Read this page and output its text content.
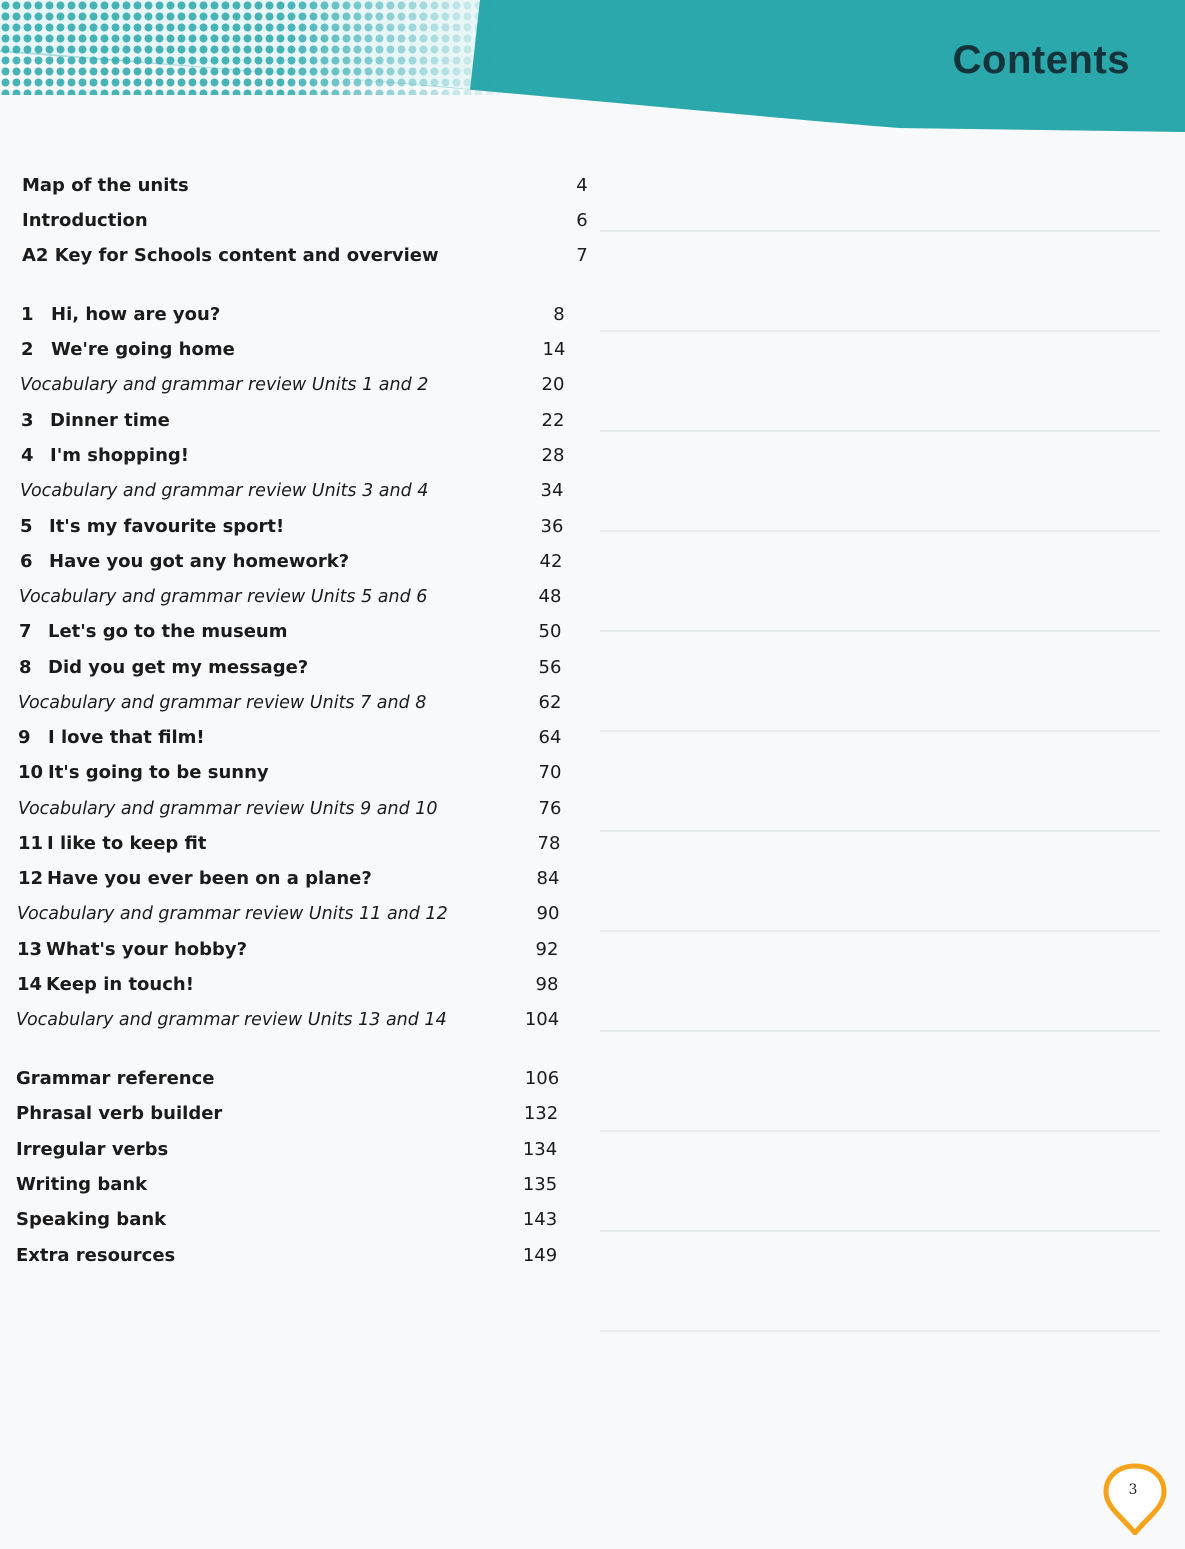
Contents
Map of the units	4
Introduction	6
A2 Key for Schools content and overview	7
1 Hi, how are you?	8
2 We're going home	14
Vocabulary and grammar review Units 1 and 2	20
3 Dinner time	22
4 I'm shopping!	28
Vocabulary and grammar review Units 3 and 4	34
5 It's my favourite sport!	36
6 Have you got any homework?	42
Vocabulary and grammar review Units 5 and 6	48
7 Let's go to the museum	50
8 Did you get my message?	56
Vocabulary and grammar review Units 7 and 8	62
9 I love that film!	64
10 It's going to be sunny	70
Vocabulary and grammar review Units 9 and 10	76
11 I like to keep fit	78
12 Have you ever been on a plane?	84
Vocabulary and grammar review Units 11 and 12	90
13 What's your hobby?	92
14 Keep in touch!	98
Vocabulary and grammar review Units 13 and 14	104
Grammar reference	106
Phrasal verb builder	132
Irregular verbs	134
Writing bank	135
Speaking bank	143
Extra resources	149
3
